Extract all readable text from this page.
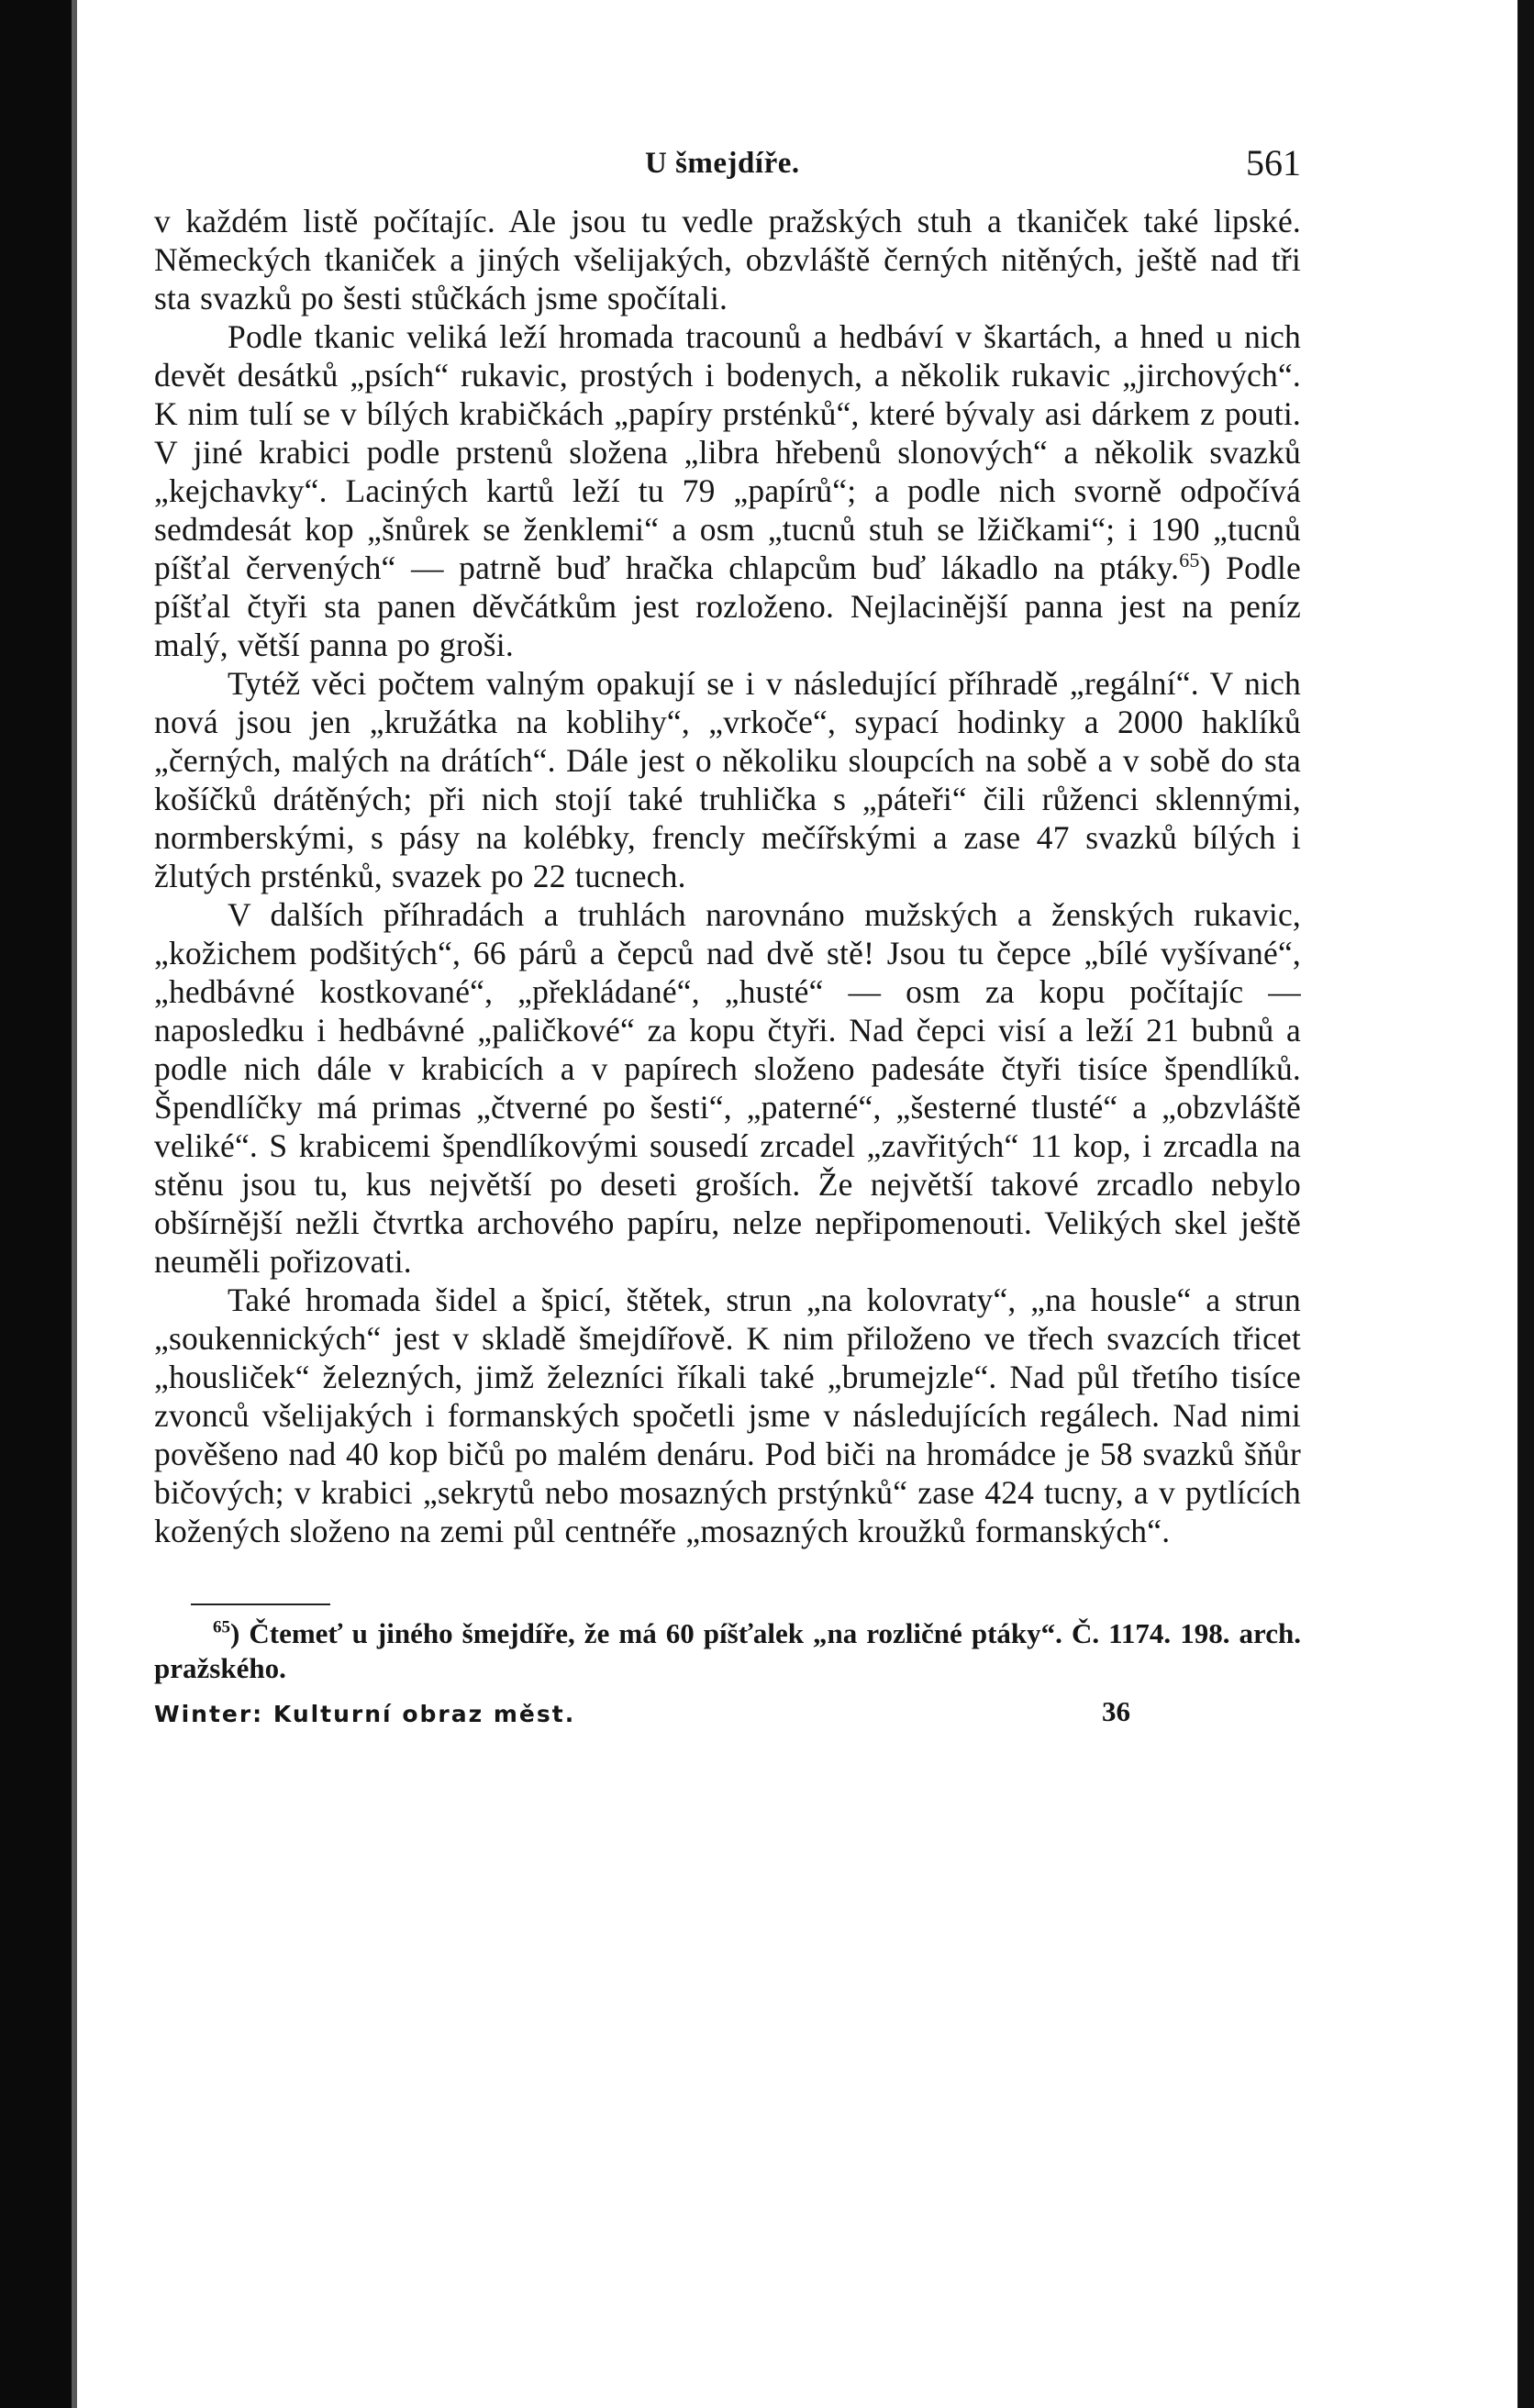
U šmejdíře.	561

v každém listě počítajíc. Ale jsou tu vedle pražských stuh a tkaniček také lipské. Německých tkaniček a jiných všelijakých, obzvláště černých nitěných, ještě nad tři sta svazků po šesti stůčkách jsme spočítali.

Podle tkanic veliká leží hromada tracounů a hedbáví v škartách, a hned u nich devět desátků „psích“ rukavic, prostých i bodenych, a několik rukavic „jirchových“. K nim tulí se v bílých krabičkách „papíry prsténků“, které bývaly asi dárkem z pouti. V jiné krabici podle prstenů složena „libra hřebenů slonových“ a několik svazků „kejchavky“. Laciných kartů leží tu 79 „papírů“; a podle nich svorně odpočívá sedmdesát kop „šnůrek se ženklemi“ a osm „tucnů stuh se lžičkami“; i 190 „tucnů píšťal červených“ — patrně buď hračka chlapcům buď lákadlo na ptáky.$^{65}$) Podle píšťal čtyři sta panen děvčátkům jest rozloženo. Nejlacinější panna jest na peníz malý, větší panna po groši.

Tytéž věci počtem valným opakují se i v následující příhradě „regální“. V nich nová jsou jen „kružátka na koblihy“, „vrkoče“, sypací hodinky a 2000 haklíků „černých, malých na drátích“. Dále jest o několiku sloupcích na sobě a v sobě do sta košíčků drátěných; při nich stojí také truhlička s „páteři“ čili růženci sklennými, normberskými, s pásy na kolébky, frencly mečířskými a zase 47 svazků bílých i žlutých prsténků, svazek po 22 tucnech.

V dalších příhradách a truhlách narovnáno mužských a ženských rukavic, „kožichem podšitých“, 66 párů a čepců nad dvě stě! Jsou tu čepce „bílé vyšívané“, „hedbávné kostkované“, „překládané“, „husté“ — osm za kopu počítajíc — naposledku i hedbávné „paličkové“ za kopu čtyři. Nad čepci visí a leží 21 bubnů a podle nich dále v krabicích a v papírech složeno padesáte čtyři tisíce špendlíků. Špendlíčky má primas „čtverné po šesti“, „paterné“, „šesterné tlusté“ a „obzvláště veliké“. S krabicemi špendlíkovými sousedí zrcadel „zavřitých“ 11 kop, i zrcadla na stěnu jsou tu, kus největší po deseti groších. Že největší takové zrcadlo nebylo obšírnější nežli čtvrtka archového papíru, nelze nepřipomenouti. Velikých skel ještě neuměli pořizovati.

Také hromada šidel a špicí, štětek, strun „na kolovraty“, „na housle“ a strun „soukennických“ jest v skladě šmejdířově. K nim přiloženo ve třech svazcích třicet „housliček“ železných, jimž železníci říkali také „brumejzle“. Nad půl třetího tisíce zvonců všelijakých i formanských spočetli jsme v následujících regálech. Nad nimi pověšeno nad 40 kop bičů po malém denáru. Pod biči na hromádce je 58 svazků šňůr bičových; v krabici „sekrytů nebo mosazných prstýnků“ zase 424 tucny, a v pytlících kožených složeno na zemi půl centnéře „mosazných kroužků formanských“.

$^{65}$) Čtemeť u jiného šmejdíře, že má 60 píšťalek „na rozličné ptáky“. Č. 1174. 198. arch. pražského.

Winter: Kulturní obraz měst.	36
